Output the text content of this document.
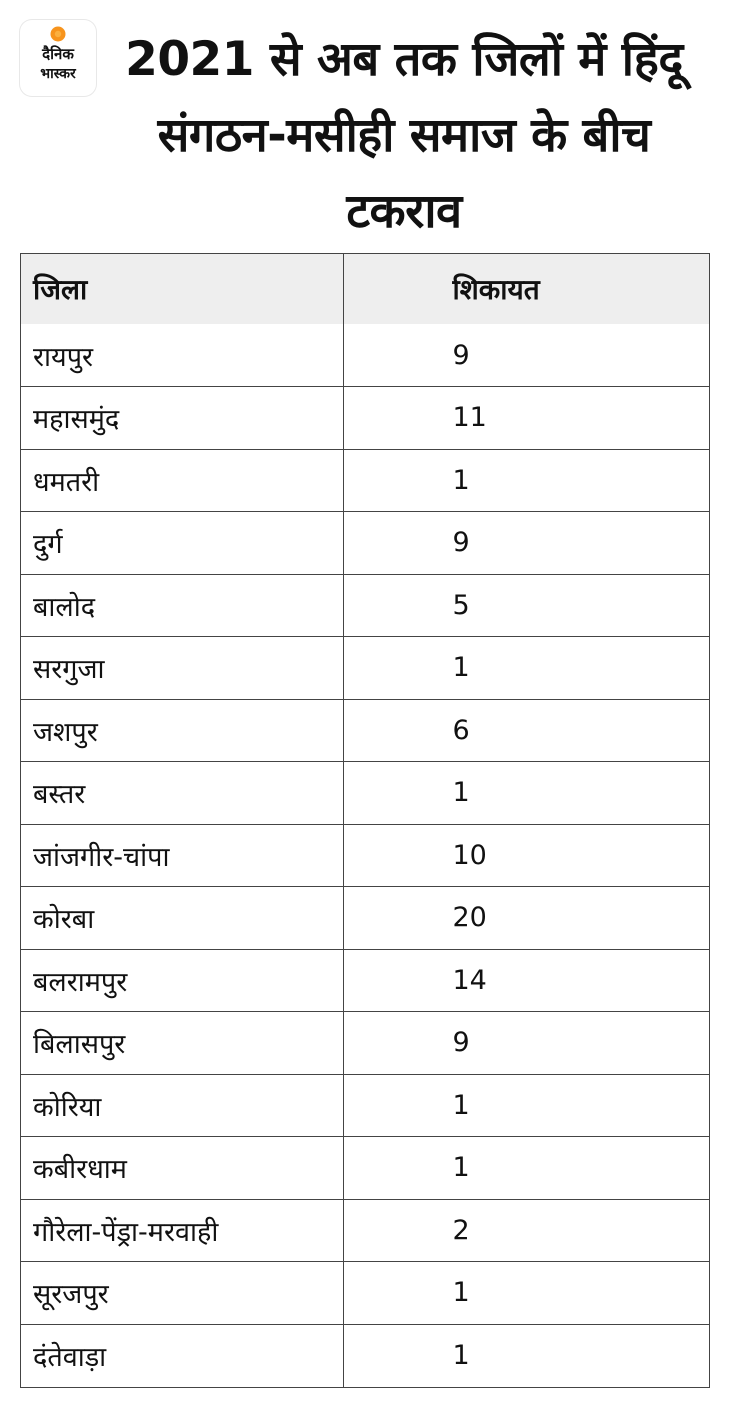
दैनिक
भास्कर	2021 से अब तक जिलों में हिंदू संगठन-मसीही समाज के बीच टकराव
जिला	शिकायत
रायपुर	9
महासमुंद	11
धमतरी	1
दुर्ग	9
बालोद	5
सरगुजा	1
जशपुर	6
बस्तर	1
जांजगीर-चांपा	10
कोरबा	20
बलरामपुर	14
बिलासपुर	9
कोरिया	1
कबीरधाम	1
गौरेला-पेंड्रा-मरवाही	2
सूरजपुर	1
दंतेवाड़ा	1
